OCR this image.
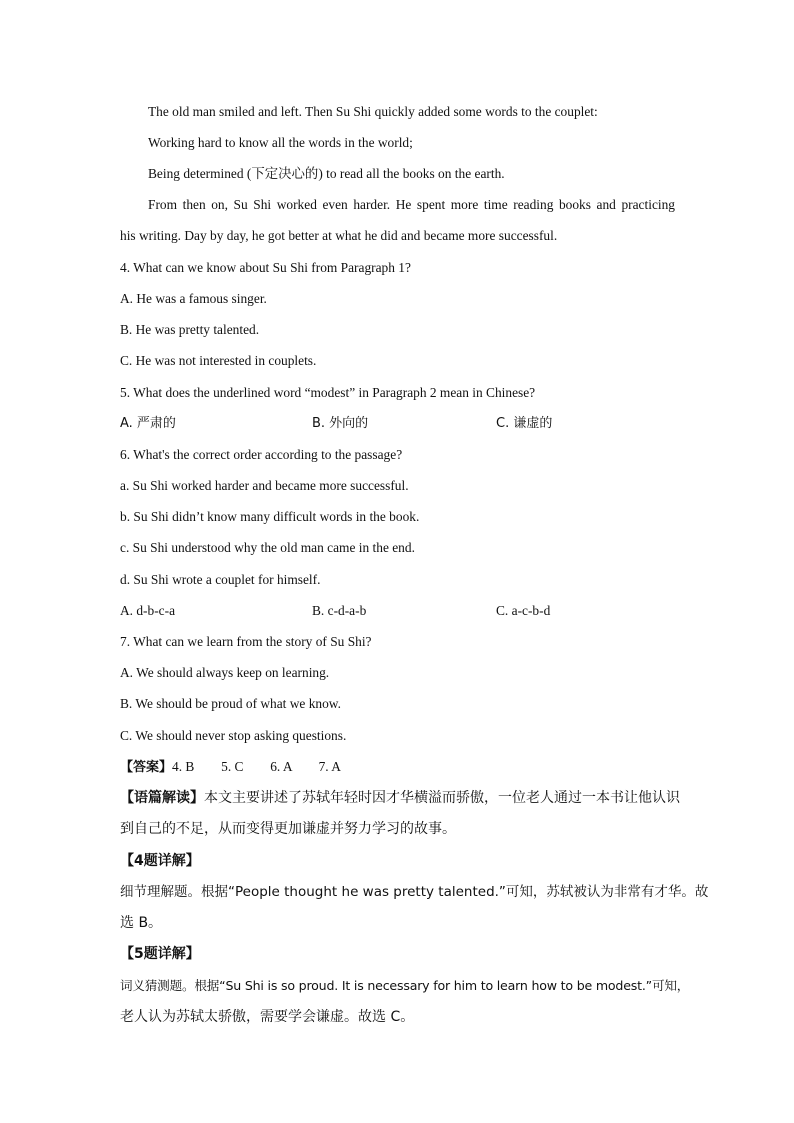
The old man smiled and left. Then Su Shi quickly added some words to the couplet:
Working hard to know all the words in the world;
Being determined (下定决心的) to read all the books on the earth.
From then on, Su Shi worked even harder. He spent more time reading books and practicing
his writing. Day by day, he got better at what he did and became more successful.
4. What can we know about Su Shi from Paragraph 1?
A. He was a famous singer.
B. He was pretty talented.
C. He was not interested in couplets.
5. What does the underlined word “modest” in Paragraph 2 mean in Chinese?
A. 严肃的	B. 外向的	C. 谦虚的
6. What's the correct order according to the passage?
a. Su Shi worked harder and became more successful.
b. Su Shi didn’t know many difficult words in the book.
c. Su Shi understood why the old man came in the end.
d. Su Shi wrote a couplet for himself.
A. d-b-c-a	B. c-d-a-b	C. a-c-b-d
7. What can we learn from the story of Su Shi?
A. We should always keep on learning.
B. We should be proud of what we know.
C. We should never stop asking questions.
【答案】4. B        5. C        6. A        7. A
【语篇解读】本文主要讲述了苏轼年轻时因才华横溢而骄傲，一位老人通过一本书让他认识
到自己的不足，从而变得更加谦虚并努力学习的故事。
【4题详解】
细节理解题。根据“People thought he was pretty talented.”可知，苏轼被认为非常有才华。故
选 B。
【5题详解】
词义猜测题。根据“Su Shi is so proud. It is necessary for him to learn how to be modest.”可知，
老人认为苏轼太骄傲，需要学会谦虚。故选 C。
